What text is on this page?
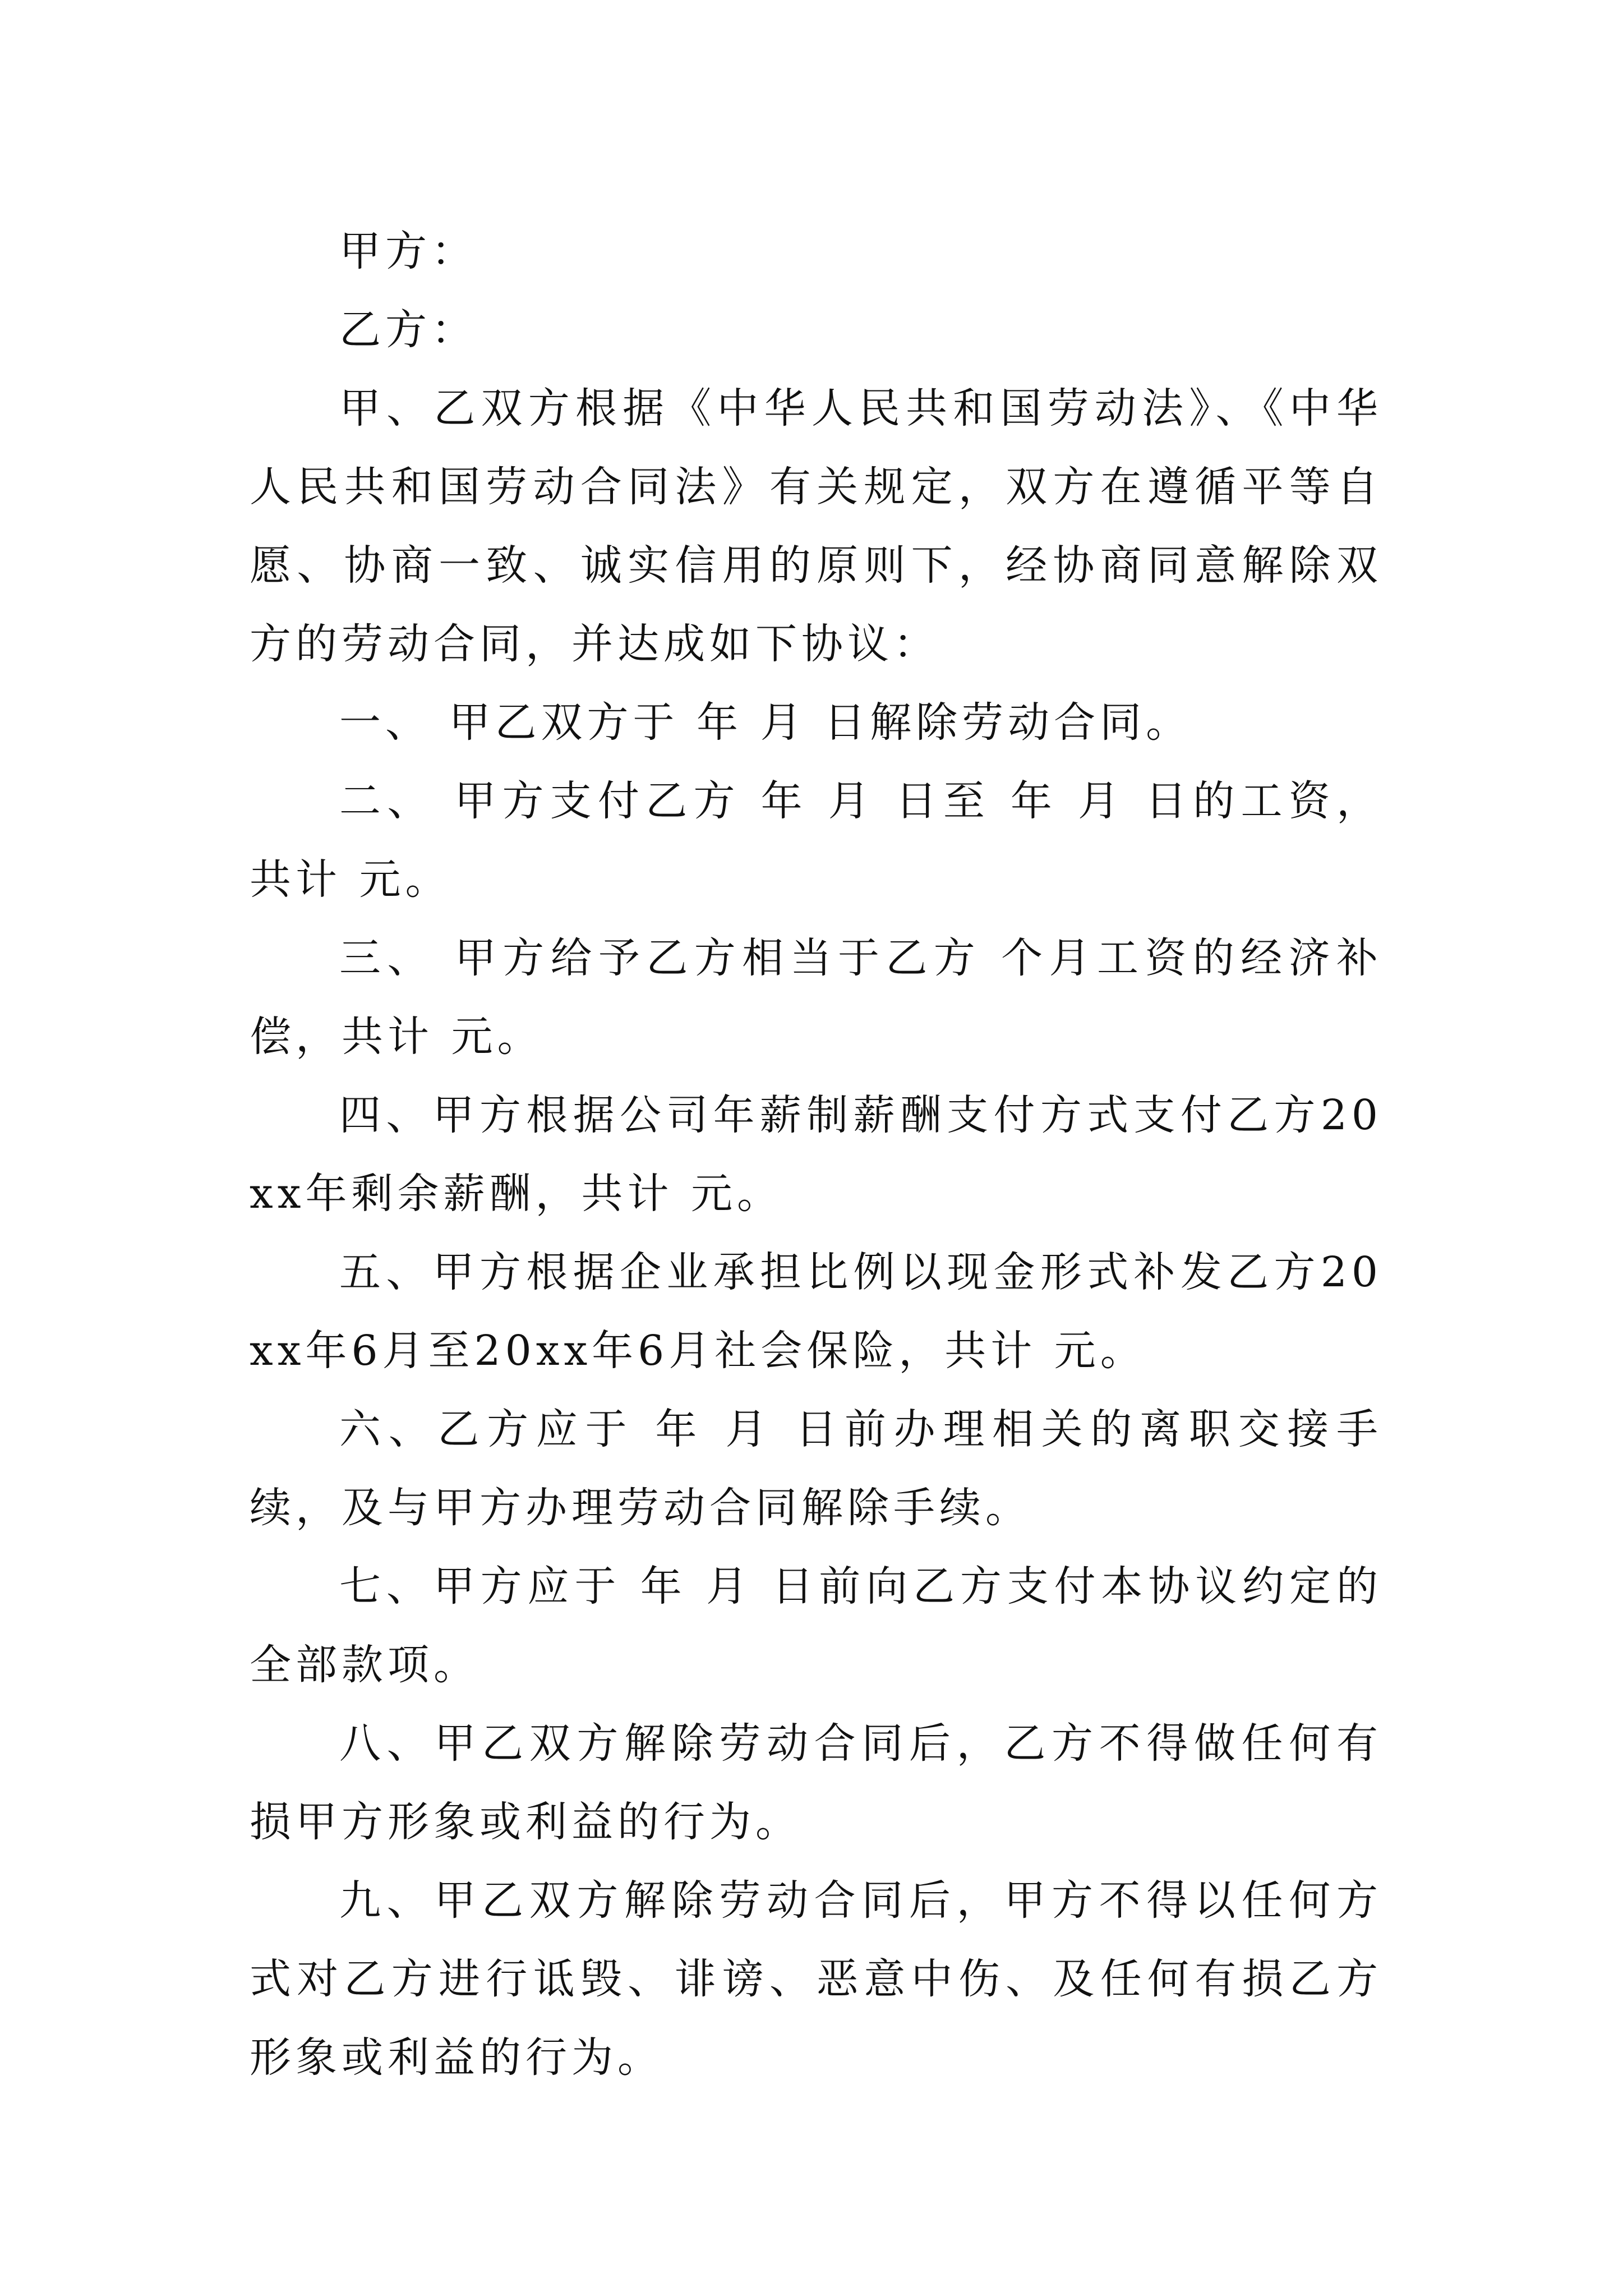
甲方：

乙方：

甲、乙双方根据《中华人民共和国劳动法》、《中华人民共和国劳动合同法》有关规定，双方在遵循平等自愿、协商一致、诚实信用的原则下，经协商同意解除双方的劳动合同，并达成如下协议：

一、 甲乙双方于 年 月 日解除劳动合同。

二、 甲方支付乙方 年 月 日至 年 月 日的工资，共计 元。

三、 甲方给予乙方相当于乙方 个月工资的经济补偿，共计 元。

四、甲方根据公司年薪制薪酬支付方式支付乙方20xx年剩余薪酬，共计 元。

五、甲方根据企业承担比例以现金形式补发乙方20xx年6月至20xx年6月社会保险，共计 元。

六、乙方应于 年 月 日前办理相关的离职交接手续，及与甲方办理劳动合同解除手续。

七、甲方应于 年 月 日前向乙方支付本协议约定的全部款项。

八、甲乙双方解除劳动合同后，乙方不得做任何有损甲方形象或利益的行为。

九、甲乙双方解除劳动合同后，甲方不得以任何方式对乙方进行诋毁、诽谤、恶意中伤、及任何有损乙方形象或利益的行为。
